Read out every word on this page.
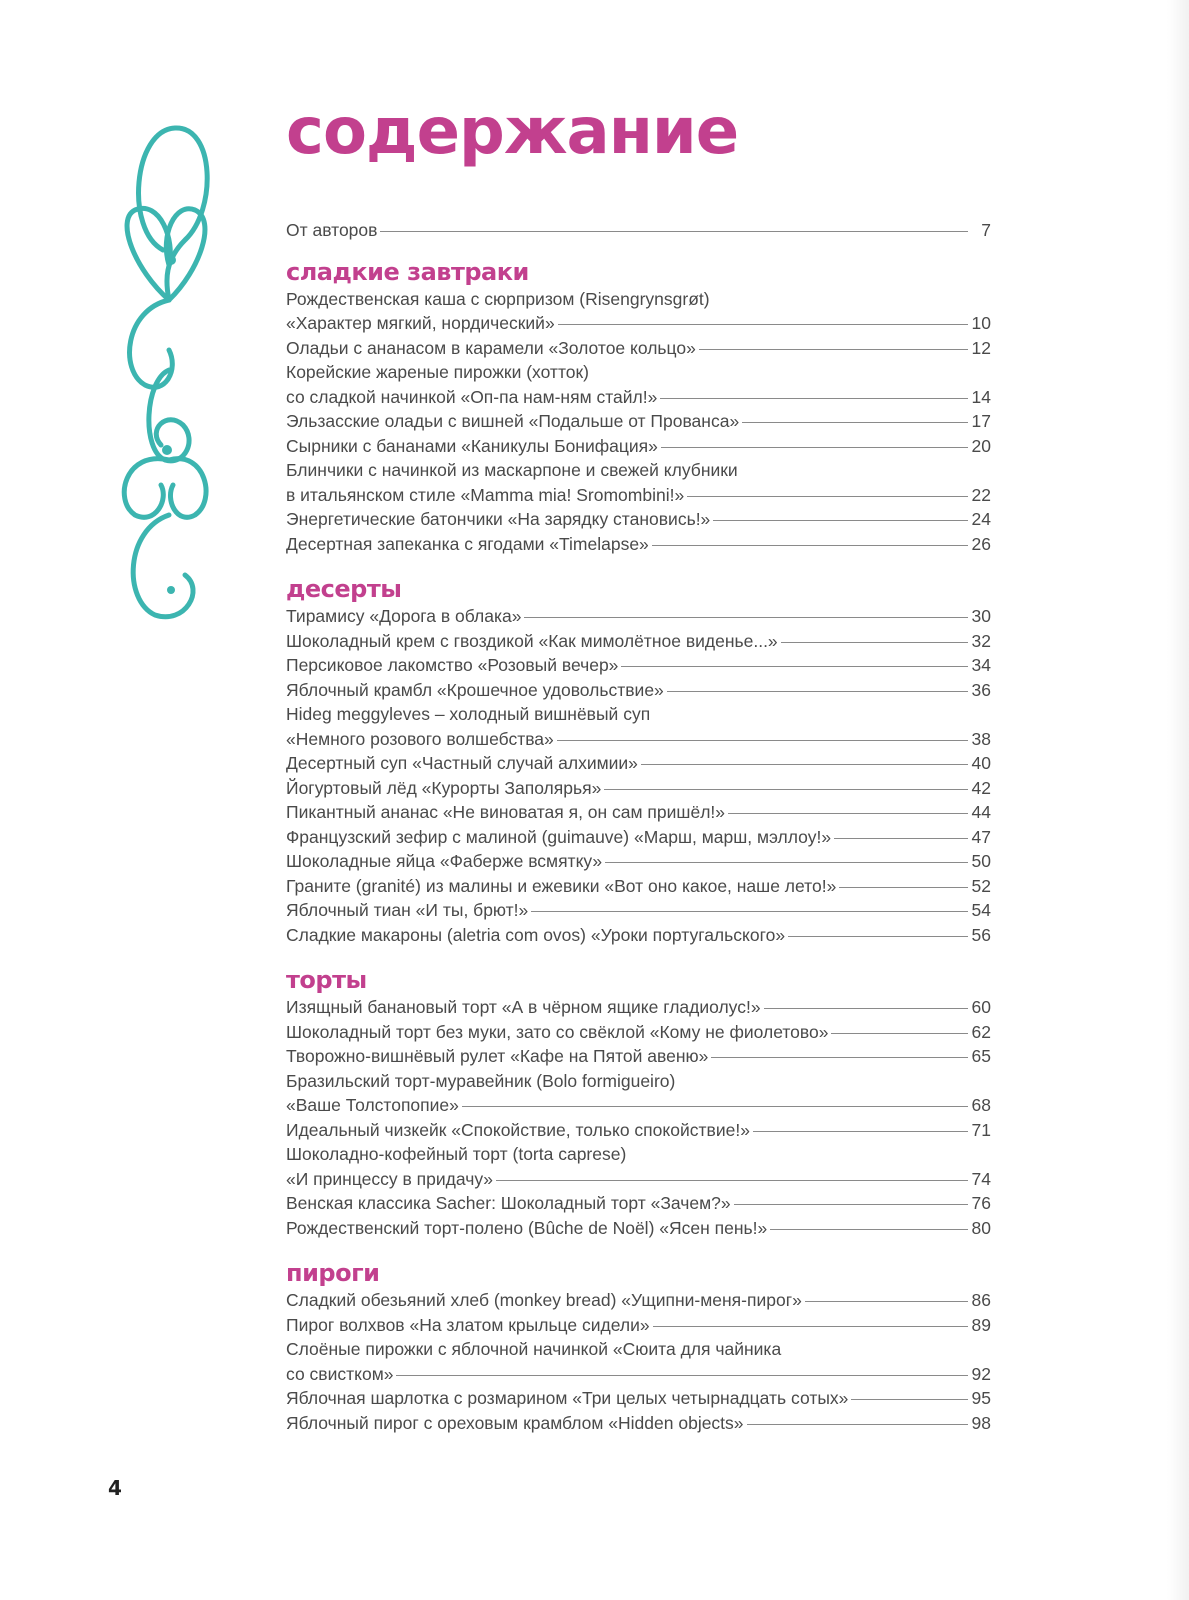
содержание
От авторов	7
сладкие завтраки
Рождественская каша с сюрпризом (Risengrynsgrøt)
«Характер мягкий, нордический»	10
Оладьи с ананасом в карамели «Золотое кольцо»	12
Корейские жареные пирожки (хотток)
со сладкой начинкой «Оп-па нам-ням стайл!»	14
Эльзасские оладьи с вишней «Подальше от Прованса»	17
Сырники с бананами «Каникулы Бонифация»	20
Блинчики с начинкой из маскарпоне и свежей клубники
в итальянском стиле «Mamma mia! Sromombini!»	22
Энергетические батончики «На зарядку становись!»	24
Десертная запеканка с ягодами «Timelapse»	26
десерты
Тирамису «Дорога в облака»	30
Шоколадный крем с гвоздикой «Как мимолётное виденье...»	32
Персиковое лакомство «Розовый вечер»	34
Яблочный крамбл «Крошечное удовольствие»	36
Hideg meggyleves – холодный вишнёвый суп
«Немного розового волшебства»	38
Десертный суп «Частный случай алхимии»	40
Йогуртовый лёд «Курорты Заполярья»	42
Пикантный ананас «Не виноватая я, он сам пришёл!»	44
Французский зефир с малиной (guimauve) «Марш, марш, мэллоу!»	47
Шоколадные яйца «Фаберже всмятку»	50
Граните (granité) из малины и ежевики «Вот оно какое, наше лето!»	52
Яблочный тиан «И ты, брют!»	54
Сладкие макароны (aletria com ovos) «Уроки португальского»	56
торты
Изящный банановый торт «А в чёрном ящике гладиолус!»	60
Шоколадный торт без муки, зато со свёклой «Кому не фиолетово»	62
Творожно-вишнёвый рулет «Кафе на Пятой авеню»	65
Бразильский торт-муравейник (Bolo formigueiro)
«Ваше Толстопопие»	68
Идеальный чизкейк «Спокойствие, только спокойствие!»	71
Шоколадно-кофейный торт (torta caprese)
«И принцессу в придачу»	74
Венская классика Sacher: Шоколадный торт «Зачем?»	76
Рождественский торт-полено (Bûche de Noël) «Ясен пень!»	80
пироги
Сладкий обезьяний хлеб (monkey bread) «Ущипни-меня-пирог»	86
Пирог волхвов «На златом крыльце сидели»	89
Слоёные пирожки с яблочной начинкой «Сюита для чайника
со свистком»	92
Яблочная шарлотка с розмарином «Три целых четырнадцать сотых»	95
Яблочный пирог с ореховым крамблом «Hidden objects»	98
4
